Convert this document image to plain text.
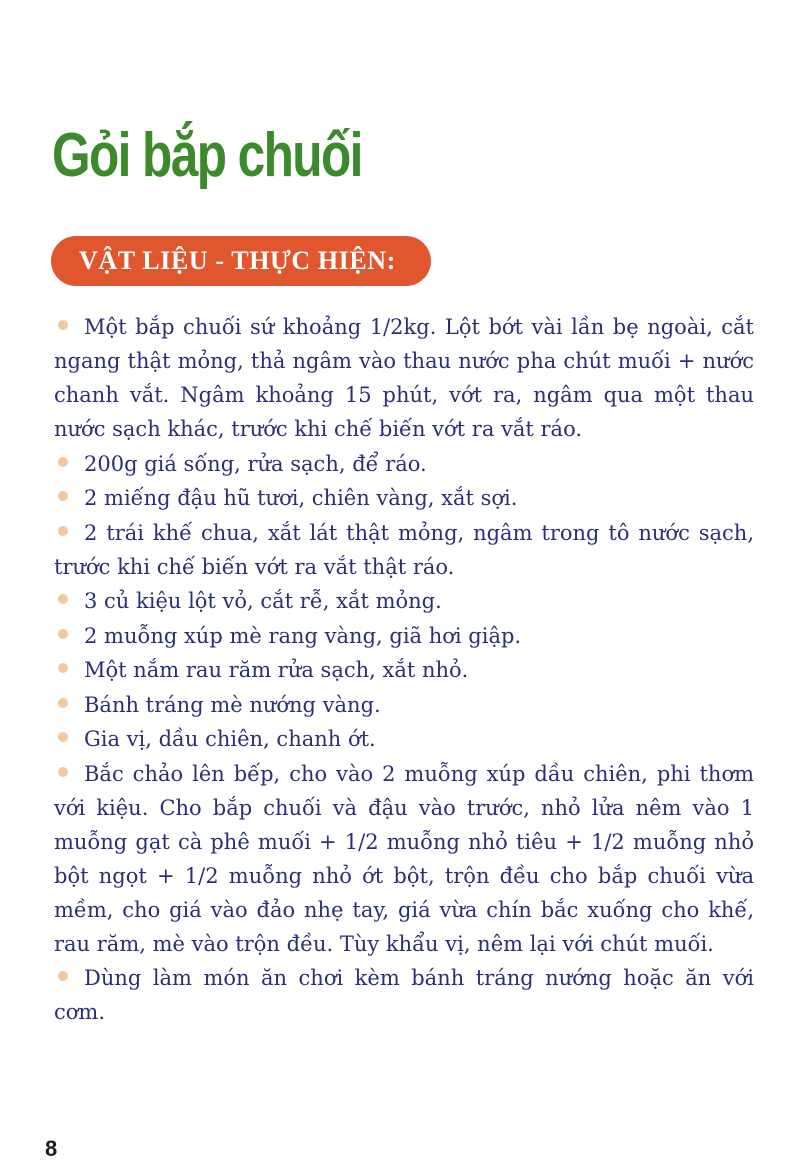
Gỏi bắp chuối
VẬT LIỆU - THỰC HIỆN:

Một bắp chuối sứ khoảng 1/2kg. Lột bớt vài lần bẹ ngoài, cắt ngang thật mỏng, thả ngâm vào thau nước pha chút muối + nước chanh vắt. Ngâm khoảng 15 phút, vớt ra, ngâm qua một thau nước sạch khác, trước khi chế biến vớt ra vắt ráo.

200g giá sống, rửa sạch, để ráo.

2 miếng đậu hũ tươi, chiên vàng, xắt sợi.

2 trái khế chua, xắt lát thật mỏng, ngâm trong tô nước sạch, trước khi chế biến vớt ra vắt thật ráo.

3 củ kiệu lột vỏ, cắt rễ, xắt mỏng.

2 muỗng xúp mè rang vàng, giã hơi giập.

Một nắm rau răm rửa sạch, xắt nhỏ.

Bánh tráng mè nướng vàng.

Gia vị, dầu chiên, chanh ớt.

Bắc chảo lên bếp, cho vào 2 muỗng xúp dầu chiên, phi thơm với kiệu. Cho bắp chuối và đậu vào trước, nhỏ lửa nêm vào 1 muỗng gạt cà phê muối + 1/2 muỗng nhỏ tiêu + 1/2 muỗng nhỏ bột ngọt + 1/2 muỗng nhỏ ớt bột, trộn đều cho bắp chuối vừa mềm, cho giá vào đảo nhẹ tay, giá vừa chín bắc xuống cho khế, rau răm, mè vào trộn đều. Tùy khẩu vị, nêm lại với chút muối.

Dùng làm món ăn chơi kèm bánh tráng nướng hoặc ăn với cơm.

8
